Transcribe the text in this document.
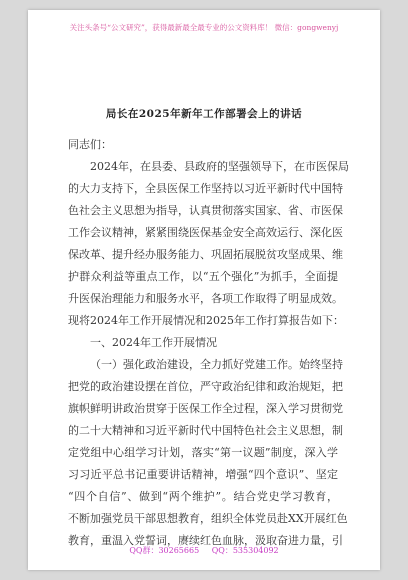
关注头条号“公文研究”，获得最新最全最专业的公文资料库！ 微信：gongwenyj
局长在2025年新年工作部署会上的讲话
同志们：
2024年，在县委、县政府的坚强领导下，在市医保局
的大力支持下，全县医保工作坚持以习近平新时代中国特
色社会主义思想为指导，认真贯彻落实国家、省、市医保
工作会议精神，紧紧围绕医保基金安全高效运行、深化医
保改革、提升经办服务能力、巩固拓展脱贫攻坚成果、维
护群众利益等重点工作，以“五个强化”为抓手，全面提
升医保治理能力和服务水平，各项工作取得了明显成效。
现将2024年工作开展情况和2025年工作打算报告如下：
一、2024年工作开展情况
（一）强化政治建设，全力抓好党建工作。始终坚持
把党的政治建设摆在首位，严守政治纪律和政治规矩，把
旗帜鲜明讲政治贯穿于医保工作全过程，深入学习贯彻党
的二十大精神和习近平新时代中国特色社会主义思想，制
定党组中心组学习计划，落实“第一议题”制度，深入学
习习近平总书记重要讲话精神，增强“四个意识”、坚定
“四个自信”、做到“两个维护”。结合党史学习教育，
不断加强党员干部思想教育，组织全体党员赴XX开展红色
教育，重温入党誓词，赓续红色血脉，汲取奋进力量，引
QQ群：30265665 QQ：535304092
